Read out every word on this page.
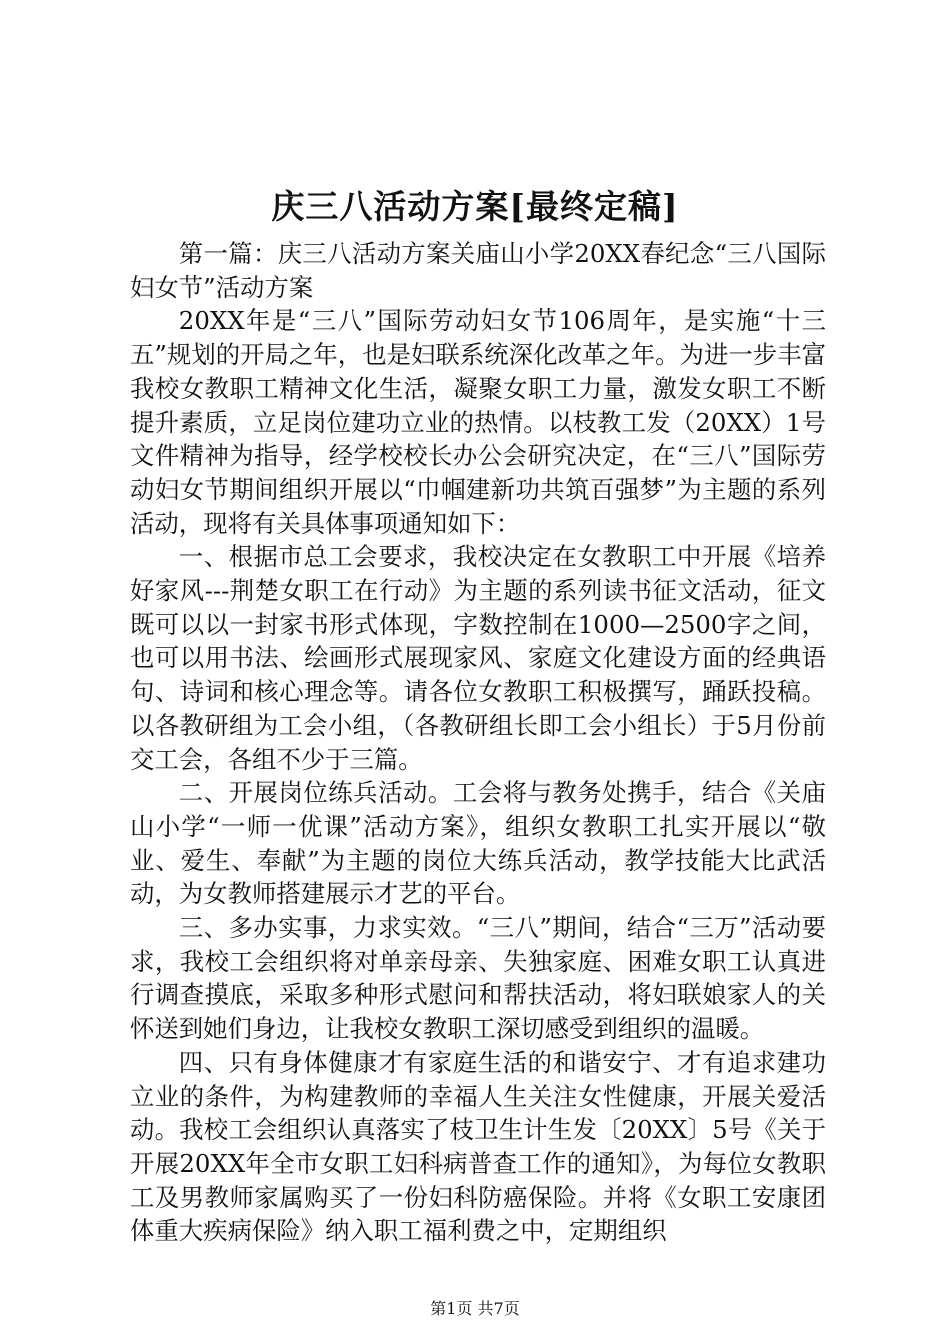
庆三八活动方案[最终定稿]

第一篇：庆三八活动方案关庙山小学20XX春纪念“三八国际妇女节”活动方案

20XX年是“三八”国际劳动妇女节106周年，是实施“十三五”规划的开局之年，也是妇联系统深化改革之年。为进一步丰富我校女教职工精神文化生活，凝聚女职工力量，激发女职工不断提升素质，立足岗位建功立业的热情。以枝教工发（20XX）1号文件精神为指导，经学校校长办公会研究决定，在“三八”国际劳动妇女节期间组织开展以“巾帼建新功共筑百强梦”为主题的系列活动，现将有关具体事项通知如下：

一、根据市总工会要求，我校决定在女教职工中开展《培养好家风---荆楚女职工在行动》为主题的系列读书征文活动，征文既可以以一封家书形式体现，字数控制在1000—2500字之间，也可以用书法、绘画形式展现家风、家庭文化建设方面的经典语句、诗词和核心理念等。请各位女教职工积极撰写，踊跃投稿。以各教研组为工会小组，（各教研组长即工会小组长）于5月份前交工会，各组不少于三篇。

二、开展岗位练兵活动。工会将与教务处携手，结合《关庙山小学“一师一优课”活动方案》，组织女教职工扎实开展以“敬业、爱生、奉献”为主题的岗位大练兵活动，教学技能大比武活动，为女教师搭建展示才艺的平台。

三、多办实事，力求实效。“三八”期间，结合“三万”活动要求，我校工会组织将对单亲母亲、失独家庭、困难女职工认真进行调查摸底，采取多种形式慰问和帮扶活动，将妇联娘家人的关怀送到她们身边，让我校女教职工深切感受到组织的温暖。

四、只有身体健康才有家庭生活的和谐安宁、才有追求建功立业的条件，为构建教师的幸福人生关注女性健康，开展关爱活动。我校工会组织认真落实了枝卫生计生发〔20XX〕5号《关于开展20XX年全市女职工妇科病普查工作的通知》，为每位女教职工及男教师家属购买了一份妇科防癌保险。并将《女职工安康团体重大疾病保险》纳入职工福利费之中，定期组织

第1页 共7页
